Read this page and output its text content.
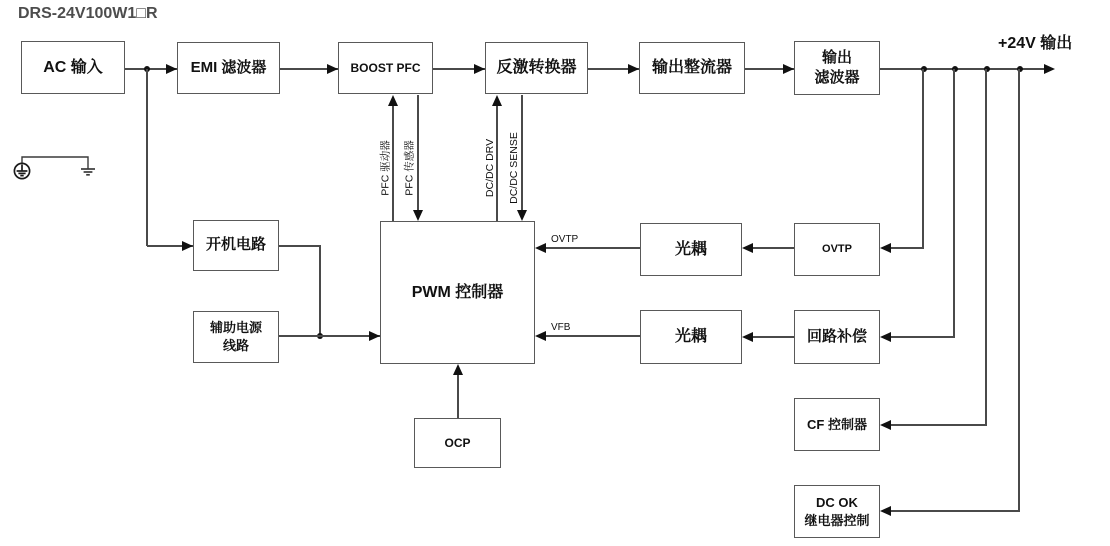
DRS-24V100W1□R
+24V 输出
AC 输入	EMI 滤波器	BOOST PFC	反激转换器	输出整流器
输出
滤波器
开机电路
辅助电源
线路
PWM 控制器
OCP
光耦
光耦
OVTP
回路补偿
CF 控制器
DC OK
继电器控制
PFC 驱动器 PFC 传感器	DC/DC DRV DC/DC SENSE
OVTP
VFB
